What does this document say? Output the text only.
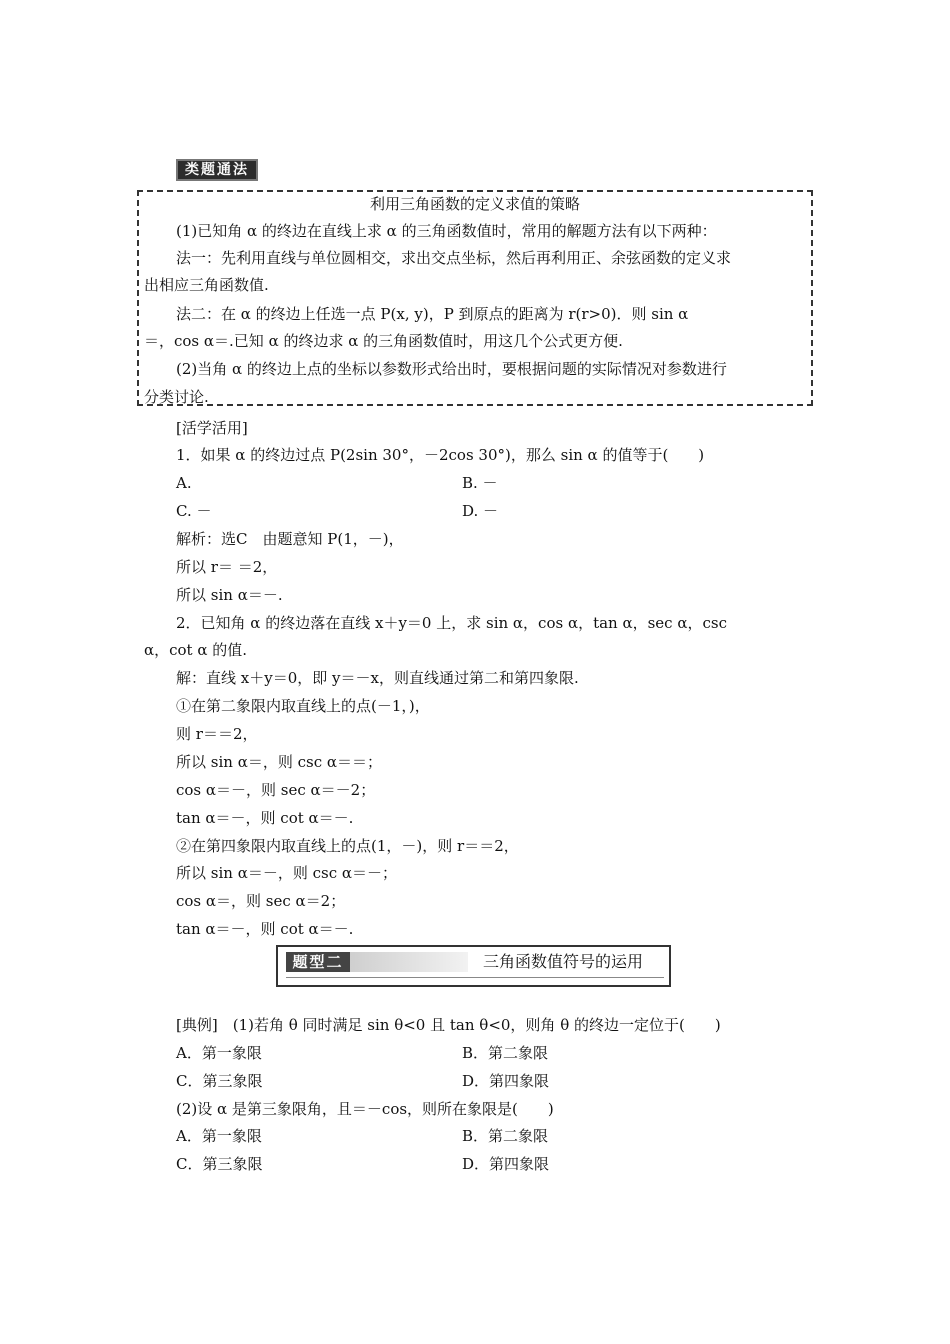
类题通法
利用三角函数的定义求值的策略
(1)已知角 α 的终边在直线上求 α 的三角函数值时，常用的解题方法有以下两种：
法一：先利用直线与单位圆相交，求出交点坐标，然后再利用正、余弦函数的定义求
出相应三角函数值.
法二：在 α 的终边上任选一点 P(x, y)，P 到原点的距离为 r(r>0)．则 sin α
＝，cos α＝.已知 α 的终边求 α 的三角函数值时，用这几个公式更方便.
(2)当角 α 的终边上点的坐标以参数形式给出时，要根据问题的实际情况对参数进行
分类讨论.
[活学活用]
1．如果 α 的终边过点 P(2sin 30°，－2cos 30°)，那么 sin α 的值等于(　　)
A.	B. －
C. －	D. －
解析：选C　由题意知 P(1，－)，
所以 r＝ ＝2，
所以 sin α＝－.
2．已知角 α 的终边落在直线 x＋y＝0 上，求 sin α，cos α，tan α，sec α，csc
α，cot α 的值.
解：直线 x＋y＝0，即 y＝－x，则直线通过第二和第四象限.
①在第二象限内取直线上的点(－1，)，
则 r＝＝2，
所以 sin α＝，则 csc α＝＝；
cos α＝－，则 sec α＝－2；
tan α＝－，则 cot α＝－.
②在第四象限内取直线上的点(1，－)，则 r＝＝2，
所以 sin α＝－，则 csc α＝－；
cos α＝，则 sec α＝2；
tan α＝－，则 cot α＝－.
题型二	三角函数值符号的运用
[典例]　(1)若角 θ 同时满足 sin θ<0 且 tan θ<0，则角 θ 的终边一定位于(　　)
A．第一象限	B．第二象限
C．第三象限	D．第四象限
(2)设 α 是第三象限角，且＝－cos，则所在象限是(　　)
A．第一象限	B．第二象限
C．第三象限	D．第四象限
